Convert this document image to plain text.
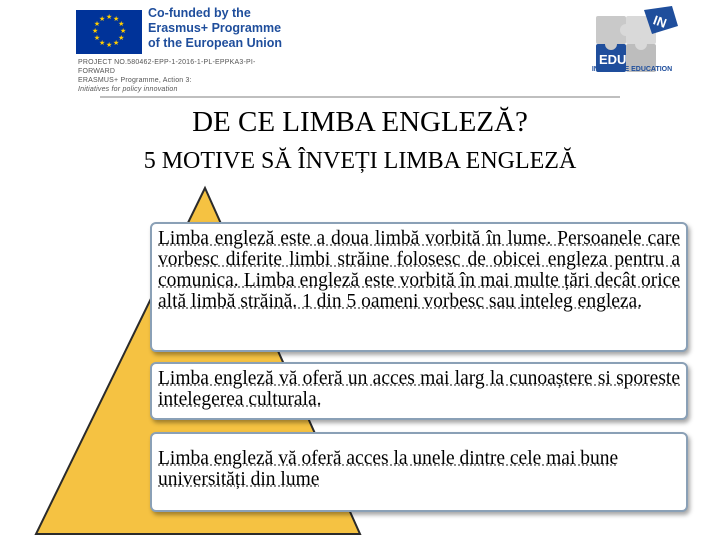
★
★
★
★
★
★
★
★
★ ★ ★
★
Co-funded by the
Erasmus+ Programme
of the European Union
PROJECT NO.580462-EPP-1-2016-1-PL-EPPKA3-PI-
FORWARD
ERASMUS+ Programme, Action 3:
Initiatives for policy innovation
IN
EDU
INCLUSIVE EDUCATION
DE CE LIMBA ENGLEZĂ?
5 MOTIVE SĂ ÎNVEȚI LIMBA ENGLEZĂ
Limba engleză este a doua limbă vorbită în lume. Persoanele care vorbesc diferite limbi străine folosesc de obicei engleza pentru a comunica. Limba engleză este vorbită în mai multe țări decât orice altă limbă străină. 1 din 5 oameni vorbesc sau inteleg engleza.
Limba engleză vă oferă un acces mai larg la cunoaștere si sporeste intelegerea culturala.
Limba engleză vă oferă acces la unele dintre cele mai bune universități din lume
